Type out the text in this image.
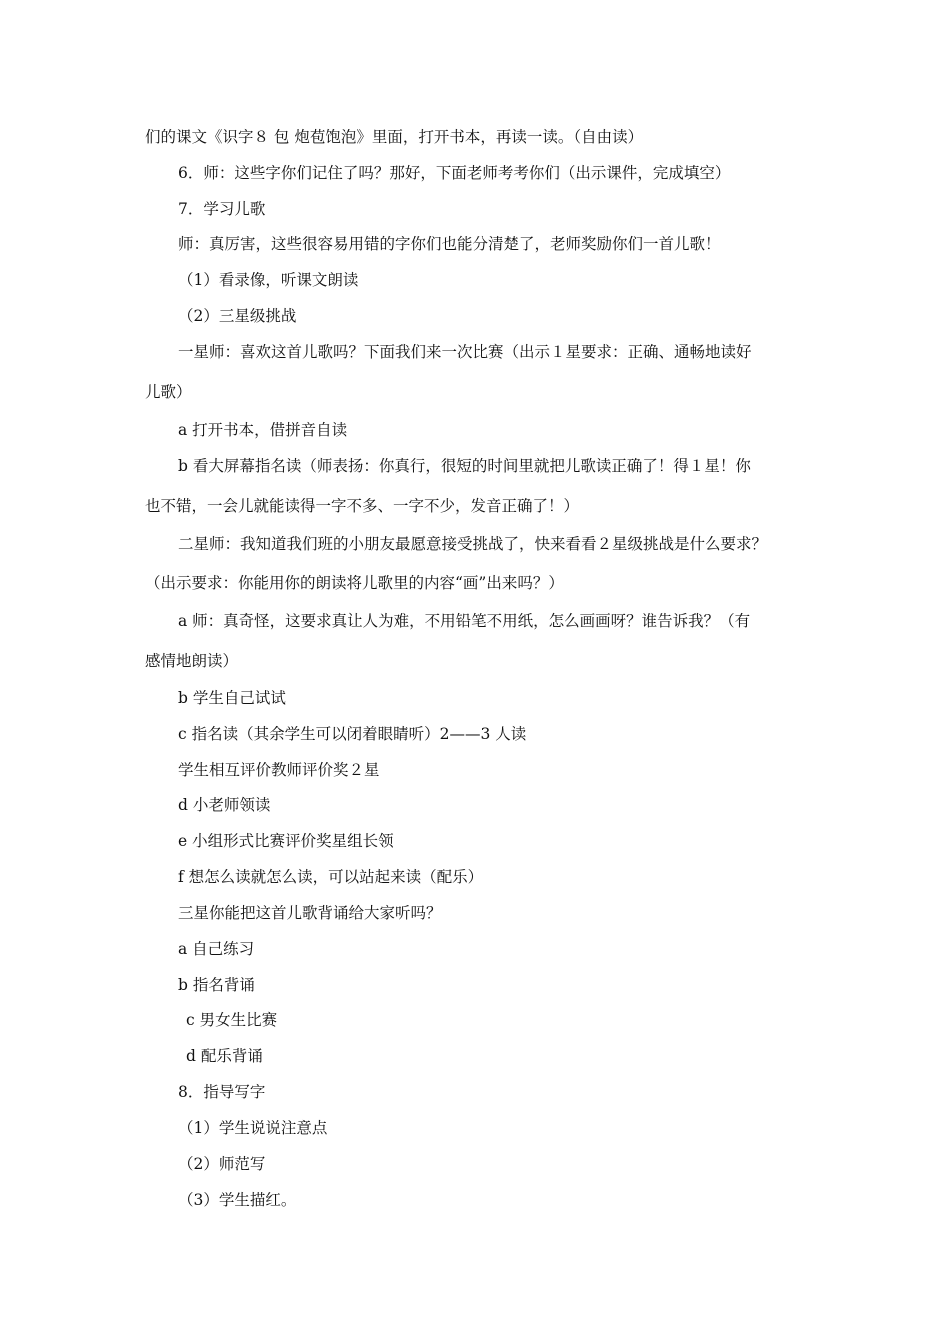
们的课文《识字８ 包 炮苞饱泡》里面，打开书本，再读一读。（自由读）
6．师：这些字你们记住了吗？那好，下面老师考考你们（出示课件，完成填空）
7．学习儿歌
师：真厉害，这些很容易用错的字你们也能分清楚了，老师奖励你们一首儿歌！
（1）看录像，听课文朗读
（2）三星级挑战
一星师：喜欢这首儿歌吗？下面我们来一次比赛（出示１星要求：正确、通畅地读好
儿歌）
a 打开书本，借拼音自读
b 看大屏幕指名读（师表扬：你真行，很短的时间里就把儿歌读正确了！得１星！你
也不错，一会儿就能读得一字不多、一字不少，发音正确了！）
二星师：我知道我们班的小朋友最愿意接受挑战了，快来看看２星级挑战是什么要求？
（出示要求：你能用你的朗读将儿歌里的内容“画”出来吗？）
a 师：真奇怪，这要求真让人为难，不用铅笔不用纸，怎么画画呀？谁告诉我？（有
感情地朗读）
b 学生自己试试
c 指名读（其余学生可以闭着眼睛听）2——3 人读
学生相互评价教师评价奖２星
d 小老师领读
e 小组形式比赛评价奖星组长领
f 想怎么读就怎么读，可以站起来读（配乐）
三星你能把这首儿歌背诵给大家听吗？
a 自己练习
b 指名背诵
c 男女生比赛
d 配乐背诵
8．指导写字
（1）学生说说注意点
（2）师范写
（3）学生描红。
